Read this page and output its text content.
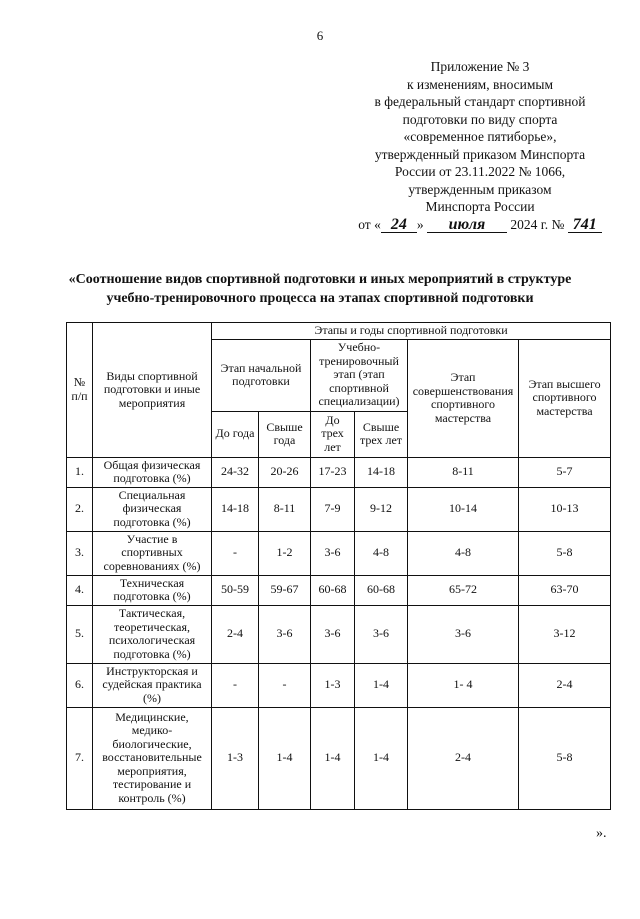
6
Приложение № 3
к изменениям, вносимым
в федеральный стандарт спортивной
подготовки по виду спорта
«современное пятиборье»,
утвержденный приказом Минспорта
России от 23.11.2022 № 1066,
утвержденным приказом
Минспорта России
от « 24 » июля 2024 г. № 741
«Соотношение видов спортивной подготовки и иных мероприятий в структуре
учебно-тренировочного процесса на этапах спортивной подготовки
№ п/п	Виды спортивной подготовки и иные мероприятия	Этапы и годы спортивной подготовки					
		Этап начальной подготовки		Учебно-тренировочный этап (этап спортивной специализации)		Этап совершенствования спортивного мастерства	Этап высшего спортивного мастерства
		До года	Свыше года	До трех лет	Свыше трех лет		
1.	Общая физическая подготовка (%)	24-32	20-26	17-23	14-18	8-11	5-7
2.	Специальная физическая подготовка (%)	14-18	8-11	7-9	9-12	10-14	10-13
3.	Участие в спортивных соревнованиях (%)	-	1-2	3-6	4-8	4-8	5-8
4.	Техническая подготовка (%)	50-59	59-67	60-68	60-68	65-72	63-70
5.	Тактическая, теоретическая, психологическая подготовка (%)	2-4	3-6	3-6	3-6	3-6	3-12
6.	Инструкторская и судейская практика (%)	-	-	1-3	1-4	1- 4	2-4
7.	Медицинские, медико-биологические, восстановительные мероприятия, тестирование и контроль (%)	1-3	1-4	1-4	1-4	2-4	5-8
».
